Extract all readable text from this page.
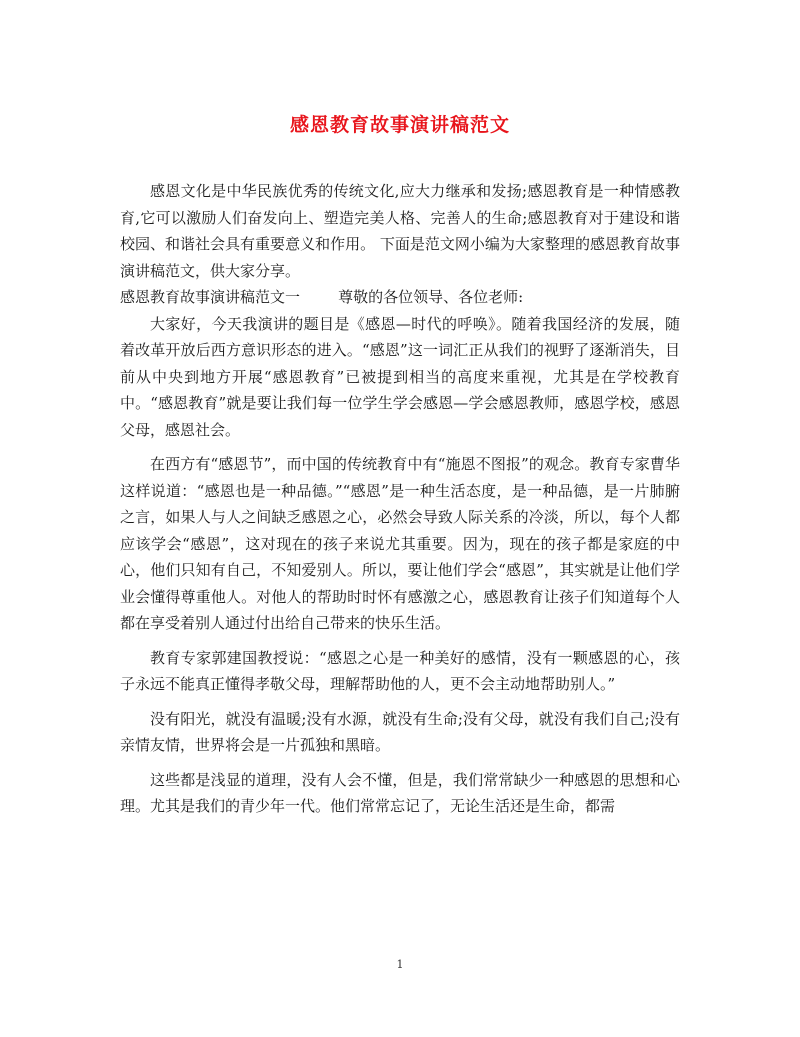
感恩教育故事演讲稿范文

感恩文化是中华民族优秀的传统文化,应大力继承和发扬;感恩教育是一种情感教育,它可以激励人们奋发向上、塑造完美人格、完善人的生命;感恩教育对于建设和谐校园、和谐社会具有重要意义和作用。 下面是范文网小编为大家整理的感恩教育故事演讲稿范文，供大家分享。

感恩教育故事演讲稿范文一	尊敬的各位领导、各位老师:

大家好，今天我演讲的题目是《感恩—时代的呼唤》。随着我国经济的发展，随着改革开放后西方意识形态的进入。“感恩”这一词汇正从我们的视野了逐渐消失，目前从中央到地方开展“感恩教育”已被提到相当的高度来重视，尤其是在学校教育中。“感恩教育”就是要让我们每一位学生学会感恩—学会感恩教师，感恩学校，感恩父母，感恩社会。

在西方有“感恩节”，而中国的传统教育中有“施恩不图报”的观念。教育专家曹华这样说道：“感恩也是一种品德。”“感恩”是一种生活态度，是一种品德，是一片肺腑之言，如果人与人之间缺乏感恩之心，必然会导致人际关系的冷淡，所以，每个人都应该学会“感恩”，这对现在的孩子来说尤其重要。因为，现在的孩子都是家庭的中心，他们只知有自己，不知爱别人。所以，要让他们学会“感恩”，其实就是让他们学业会懂得尊重他人。对他人的帮助时时怀有感激之心，感恩教育让孩子们知道每个人都在享受着别人通过付出给自己带来的快乐生活。

教育专家郭建国教授说：“感恩之心是一种美好的感情，没有一颗感恩的心，孩子永远不能真正懂得孝敬父母，理解帮助他的人，更不会主动地帮助别人。”

没有阳光，就没有温暖;没有水源，就没有生命;没有父母，就没有我们自己;没有亲情友情，世界将会是一片孤独和黑暗。

这些都是浅显的道理，没有人会不懂，但是，我们常常缺少一种感恩的思想和心理。尤其是我们的青少年一代。他们常常忘记了，无论生活还是生命，都需

1
